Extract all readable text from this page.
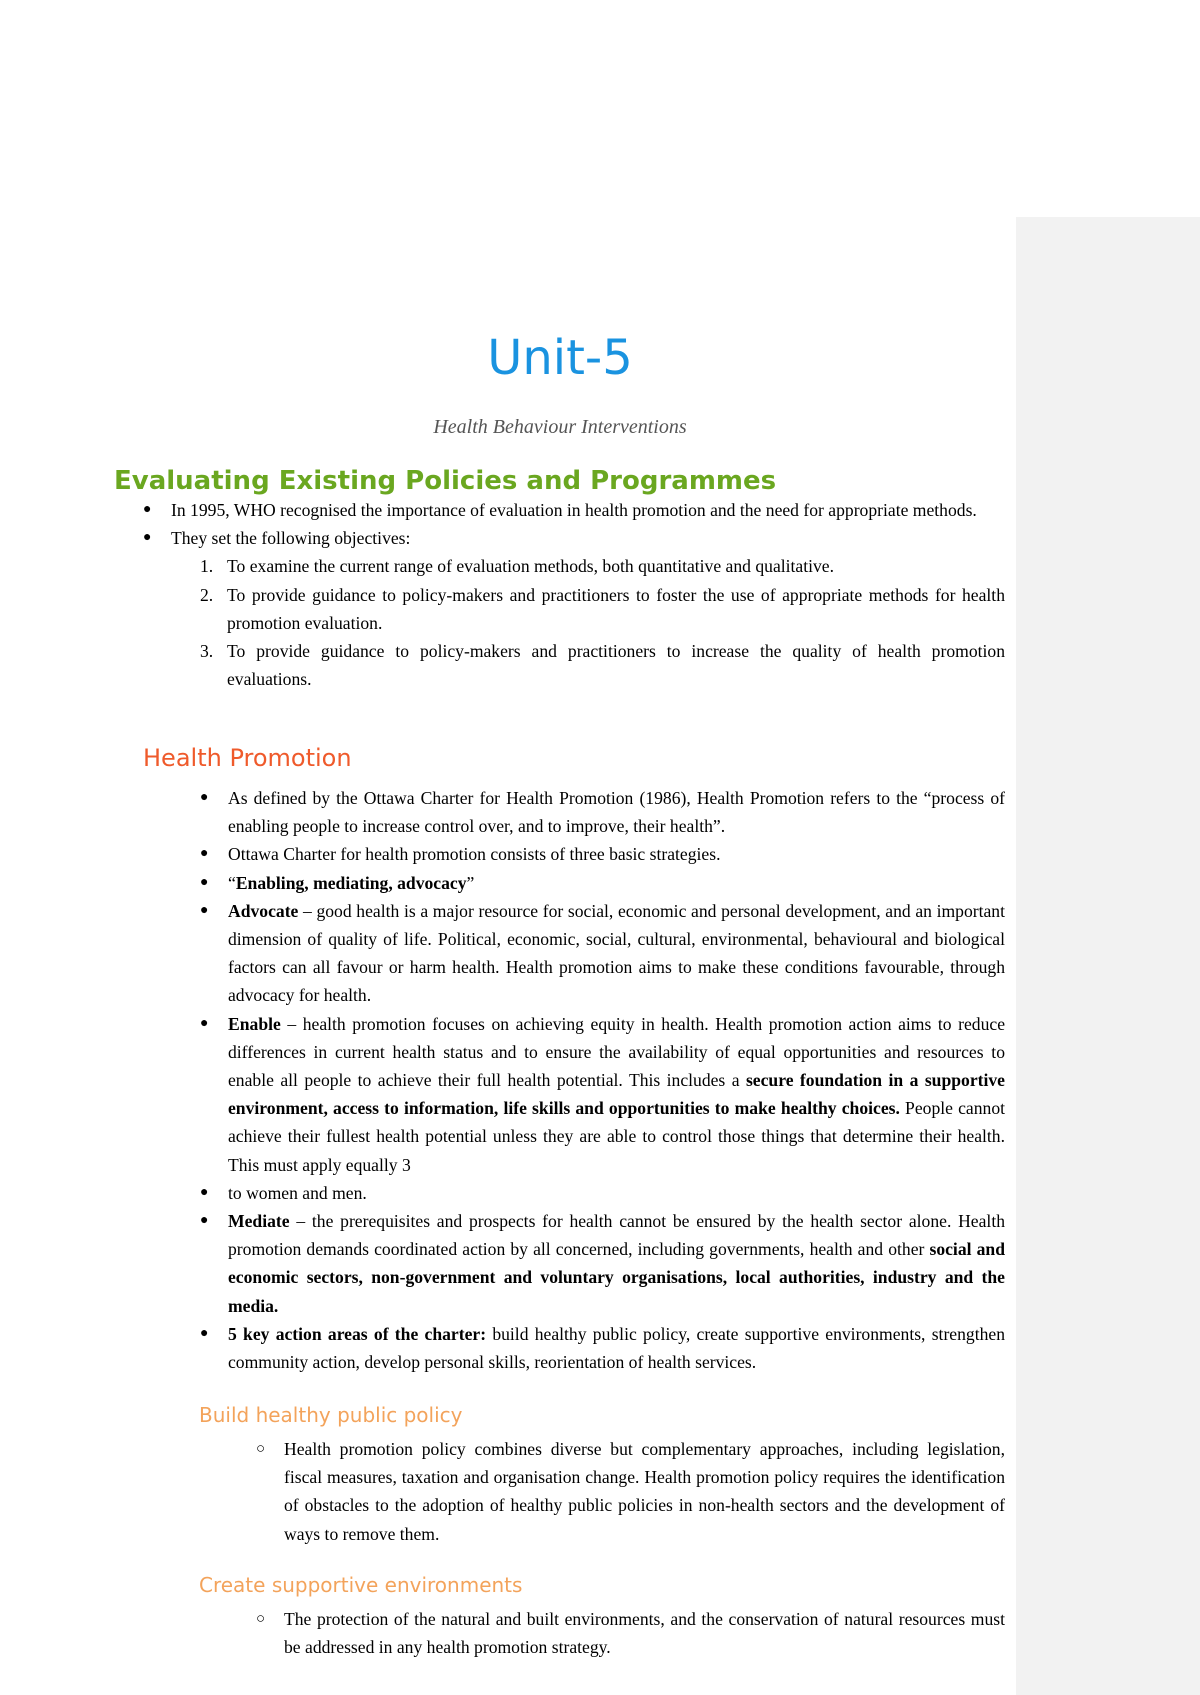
Unit-5

Health Behaviour Interventions

Evaluating Existing Policies and Programmes
● In 1995, WHO recognised the importance of evaluation in health promotion and the need for appropriate methods.
● They set the following objectives:
1. To examine the current range of evaluation methods, both quantitative and qualitative.
2. To provide guidance to policy-makers and practitioners to foster the use of appropriate methods for health promotion evaluation.
3. To provide guidance to policy-makers and practitioners to increase the quality of health promotion evaluations.
Health Promotion
● As defined by the Ottawa Charter for Health Promotion (1986), Health Promotion refers to the “process of enabling people to increase control over, and to improve, their health”.
● Ottawa Charter for health promotion consists of three basic strategies.
● “Enabling, mediating, advocacy”
● Advocate – good health is a major resource for social, economic and personal development, and an important dimension of quality of life. Political, economic, social, cultural, environmental, behavioural and biological factors can all favour or harm health. Health promotion aims to make these conditions favourable, through advocacy for health.
● Enable – health promotion focuses on achieving equity in health. Health promotion action aims to reduce differences in current health status and to ensure the availability of equal opportunities and resources to enable all people to achieve their full health potential. This includes a secure foundation in a supportive environment, access to information, life skills and opportunities to make healthy choices. People cannot achieve their fullest health potential unless they are able to control those things that determine their health. This must apply equally 3
● to women and men.
● Mediate – the prerequisites and prospects for health cannot be ensured by the health sector alone. Health promotion demands coordinated action by all concerned, including governments, health and other social and economic sectors, non-government and voluntary organisations, local authorities, industry and the media.
● 5 key action areas of the charter: build healthy public policy, create supportive environments, strengthen community action, develop personal skills, reorientation of health services.
Build healthy public policy
○ Health promotion policy combines diverse but complementary approaches, including legislation, fiscal measures, taxation and organisation change. Health promotion policy requires the identification of obstacles to the adoption of healthy public policies in non-health sectors and the development of ways to remove them.
Create supportive environments
○ The protection of the natural and built environments, and the conservation of natural resources must be addressed in any health promotion strategy.
